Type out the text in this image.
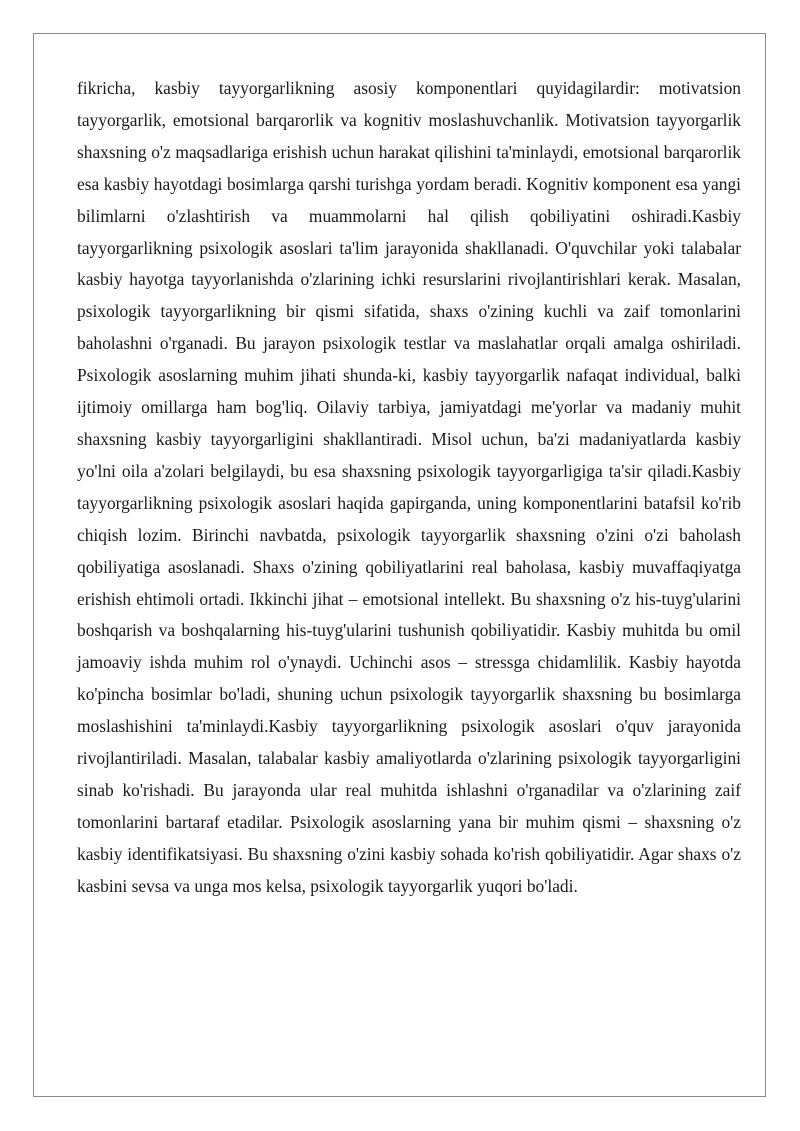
fikricha, kasbiy tayyorgarlikning asosiy komponentlari quyidagilardir: motivatsion tayyorgarlik, emotsional barqarorlik va kognitiv moslashuvchanlik. Motivatsion tayyorgarlik shaxsning o'z maqsadlariga erishish uchun harakat qilishini ta'minlaydi, emotsional barqarorlik esa kasbiy hayotdagi bosimlarga qarshi turishga yordam beradi. Kognitiv komponent esa yangi bilimlarni o'zlashtirish va muammolarni hal qilish qobiliyatini oshiradi.Kasbiy tayyorgarlikning psixologik asoslari ta'lim jarayonida shakllanadi. O'quvchilar yoki talabalar kasbiy hayotga tayyorlanishda o'zlarining ichki resurslarini rivojlantirishlari kerak. Masalan, psixologik tayyorgarlikning bir qismi sifatida, shaxs o'zining kuchli va zaif tomonlarini baholashni o'rganadi. Bu jarayon psixologik testlar va maslahatlar orqali amalga oshiriladi. Psixologik asoslarning muhim jihati shunda-ki, kasbiy tayyorgarlik nafaqat individual, balki ijtimoiy omillarga ham bog'liq. Oilaviy tarbiya, jamiyatdagi me'yorlar va madaniy muhit shaxsning kasbiy tayyorgarligini shakllantiradi. Misol uchun, ba'zi madaniyatlarda kasbiy yo'lni oila a'zolari belgilaydi, bu esa shaxsning psixologik tayyorgarligiga ta'sir qiladi.Kasbiy tayyorgarlikning psixologik asoslari haqida gapirganda, uning komponentlarini batafsil ko'rib chiqish lozim. Birinchi navbatda, psixologik tayyorgarlik shaxsning o'zini o'zi baholash qobiliyatiga asoslanadi. Shaxs o'zining qobiliyatlarini real baholasa, kasbiy muvaffaqiyatga erishish ehtimoli ortadi. Ikkinchi jihat – emotsional intellekt. Bu shaxsning o'z his-tuyg'ularini boshqarish va boshqalarning his-tuyg'ularini tushunish qobiliyatidir. Kasbiy muhitda bu omil jamoaviy ishda muhim rol o'ynaydi. Uchinchi asos – stressga chidamlilik. Kasbiy hayotda ko'pincha bosimlar bo'ladi, shuning uchun psixologik tayyorgarlik shaxsning bu bosimlarga moslashishini ta'minlaydi.Kasbiy tayyorgarlikning psixologik asoslari o'quv jarayonida rivojlantiriladi. Masalan, talabalar kasbiy amaliyotlarda o'zlarining psixologik tayyorgarligini sinab ko'rishadi. Bu jarayonda ular real muhitda ishlashni o'rganadilar va o'zlarining zaif tomonlarini bartaraf etadilar. Psixologik asoslarning yana bir muhim qismi – shaxsning o'z kasbiy identifikatsiyasi. Bu shaxsning o'zini kasbiy sohada ko'rish qobiliyatidir. Agar shaxs o'z kasbini sevsa va unga mos kelsa, psixologik tayyorgarlik yuqori bo'ladi.
